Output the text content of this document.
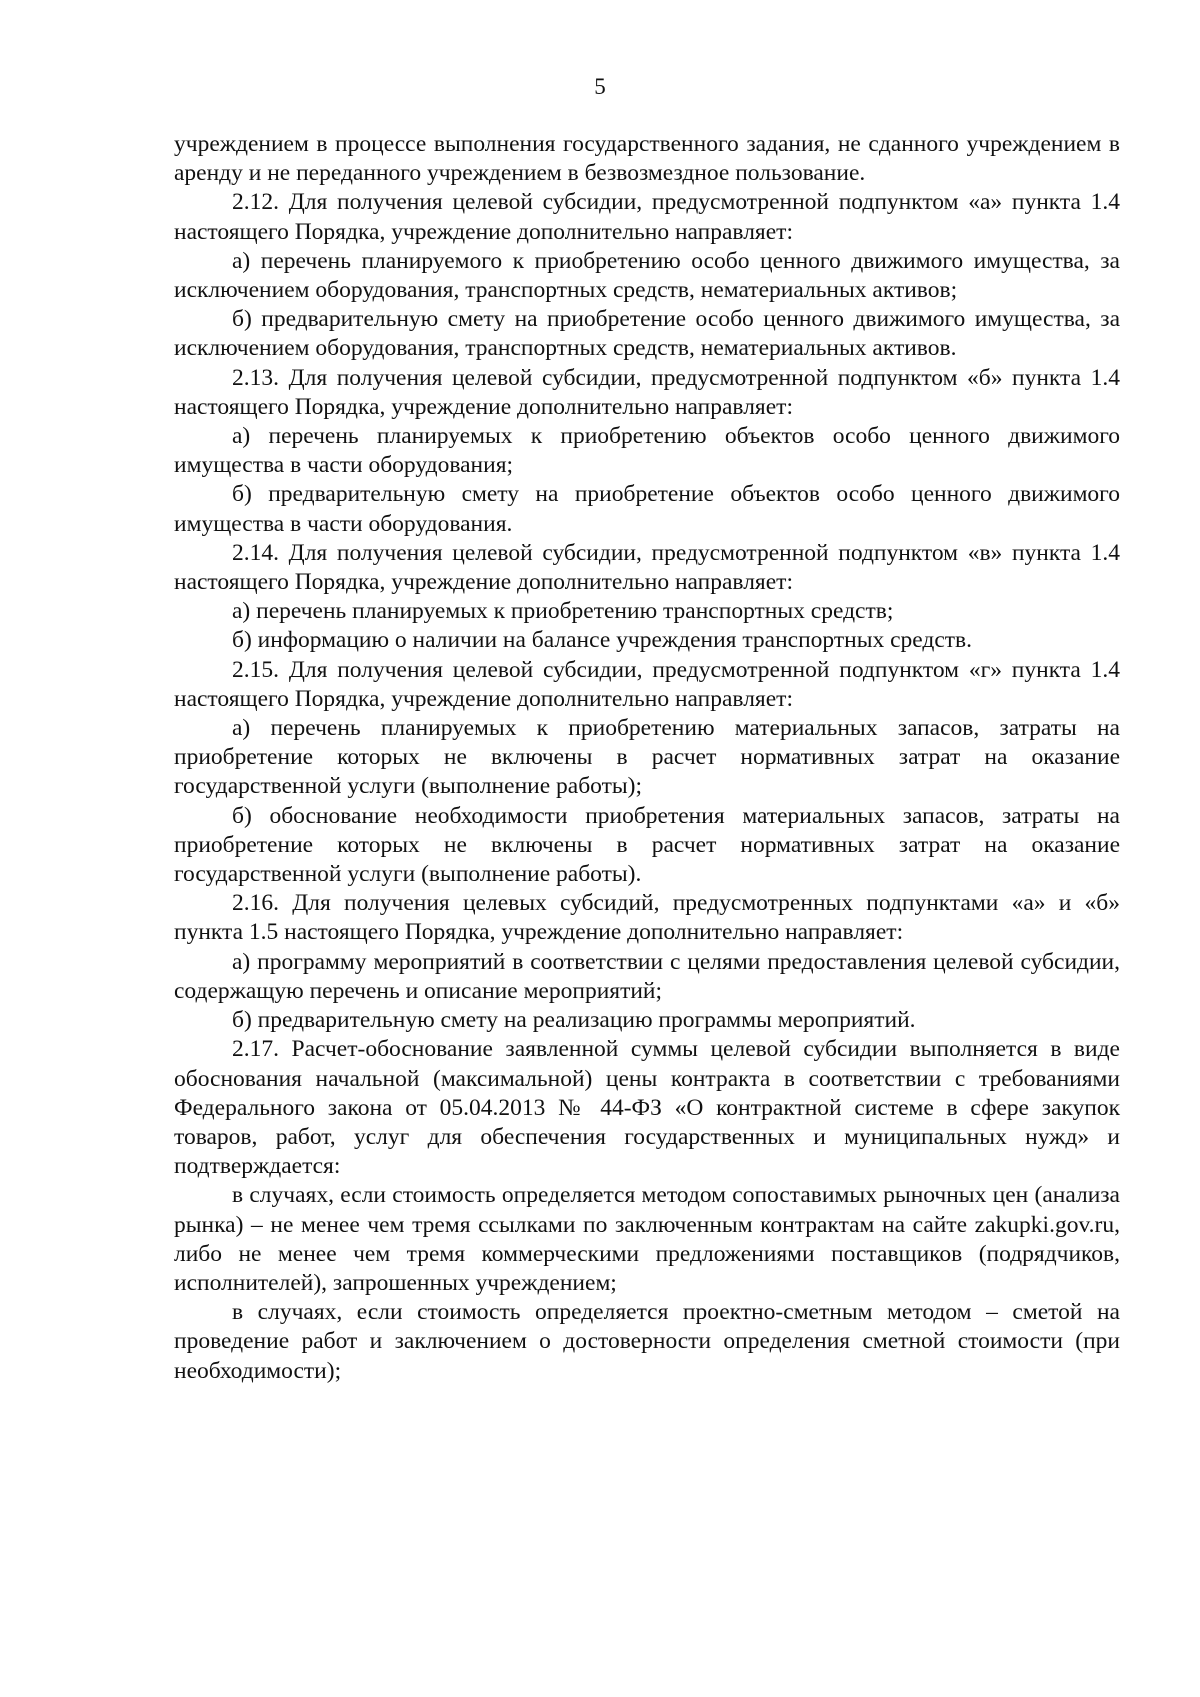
5

учреждением в процессе выполнения государственного задания, не сданного учреждением в аренду и не переданного учреждением в безвозмездное пользование.

2.12. Для получения целевой субсидии, предусмотренной подпунктом «а» пункта 1.4 настоящего Порядка, учреждение дополнительно направляет:

а) перечень планируемого к приобретению особо ценного движимого имущества, за исключением оборудования, транспортных средств, нематериальных активов;

б) предварительную смету на приобретение особо ценного движимого имущества, за исключением оборудования, транспортных средств, нематериальных активов.

2.13. Для получения целевой субсидии, предусмотренной подпунктом «б» пункта 1.4 настоящего Порядка, учреждение дополнительно направляет:

а) перечень планируемых к приобретению объектов особо ценного движимого имущества в части оборудования;

б) предварительную смету на приобретение объектов особо ценного движимого имущества в части оборудования.

2.14. Для получения целевой субсидии, предусмотренной подпунктом «в» пункта 1.4 настоящего Порядка, учреждение дополнительно направляет:

а) перечень планируемых к приобретению транспортных средств;

б) информацию о наличии на балансе учреждения транспортных средств.

2.15. Для получения целевой субсидии, предусмотренной подпунктом «г» пункта 1.4 настоящего Порядка, учреждение дополнительно направляет:

а) перечень планируемых к приобретению материальных запасов, затраты на приобретение которых не включены в расчет нормативных затрат на оказание государственной услуги (выполнение работы);

б) обоснование необходимости приобретения материальных запасов, затраты на приобретение которых не включены в расчет нормативных затрат на оказание государственной услуги (выполнение работы).

2.16. Для получения целевых субсидий, предусмотренных подпунктами «а» и «б» пункта 1.5 настоящего Порядка, учреждение дополнительно направляет:

а) программу мероприятий в соответствии с целями предоставления целевой субсидии, содержащую перечень и описание мероприятий;

б) предварительную смету на реализацию программы мероприятий.

2.17. Расчет-обоснование заявленной суммы целевой субсидии выполняется в виде обоснования начальной (максимальной) цены контракта в соответствии с требованиями Федерального закона от 05.04.2013 № 44-ФЗ «О контрактной системе в сфере закупок товаров, работ, услуг для обеспечения государственных и муниципальных нужд» и подтверждается:

в случаях, если стоимость определяется методом сопоставимых рыночных цен (анализа рынка) – не менее чем тремя ссылками по заключенным контрактам на сайте zakupki.gov.ru, либо не менее чем тремя коммерческими предложениями поставщиков (подрядчиков, исполнителей), запрошенных учреждением;

в случаях, если стоимость определяется проектно-сметным методом – сметой на проведение работ и заключением о достоверности определения сметной стоимости (при необходимости);
